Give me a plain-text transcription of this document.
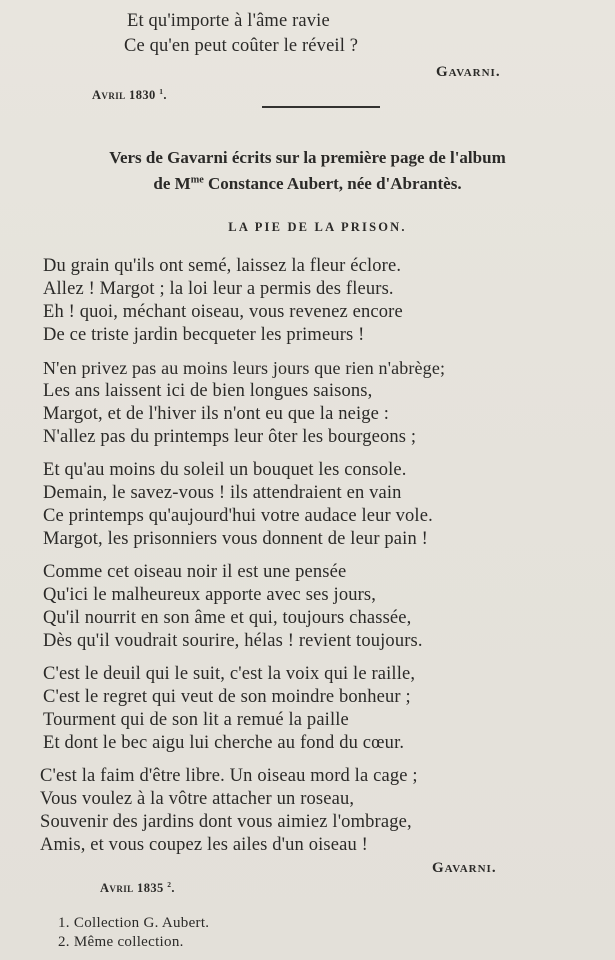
Et qu'importe à l'âme ravie
Ce qu'en peut coûter le réveil ?
Gavarni.
Avril 1830 $^1$.
Vers de Gavarni écrits sur la première page de l'album
de $M^{me}$ Constance Aubert, née d'Abrantès.
LA PIE DE LA PRISON.
Du grain qu'ils ont semé, laissez la fleur éclore.
Allez ! Margot ; la loi leur a permis des fleurs.
Eh ! quoi, méchant oiseau, vous revenez encore
De ce triste jardin becqueter les primeurs !
N'en privez pas au moins leurs jours que rien n'abrège;
Les ans laissent ici de bien longues saisons,
Margot, et de l'hiver ils n'ont eu que la neige :
N'allez pas du printemps leur ôter les bourgeons ;
Et qu'au moins du soleil un bouquet les console.
Demain, le savez-vous ! ils attendraient en vain
Ce printemps qu'aujourd'hui votre audace leur vole.
Margot, les prisonniers vous donnent de leur pain !
Comme cet oiseau noir il est une pensée
Qu'ici le malheureux apporte avec ses jours,
Qu'il nourrit en son âme et qui, toujours chassée,
Dès qu'il voudrait sourire, hélas ! revient toujours.
C'est le deuil qui le suit, c'est la voix qui le raille,
C'est le regret qui veut de son moindre bonheur ;
Tourment qui de son lit a remué la paille
Et dont le bec aigu lui cherche au fond du cœur.
C'est la faim d'être libre. Un oiseau mord la cage ;
Vous voulez à la vôtre attacher un roseau,
Souvenir des jardins dont vous aimiez l'ombrage,
Amis, et vous coupez les ailes d'un oiseau !
Gavarni.
Avril 1835 $^2$.
1. Collection G. Aubert.
2. Même collection.
